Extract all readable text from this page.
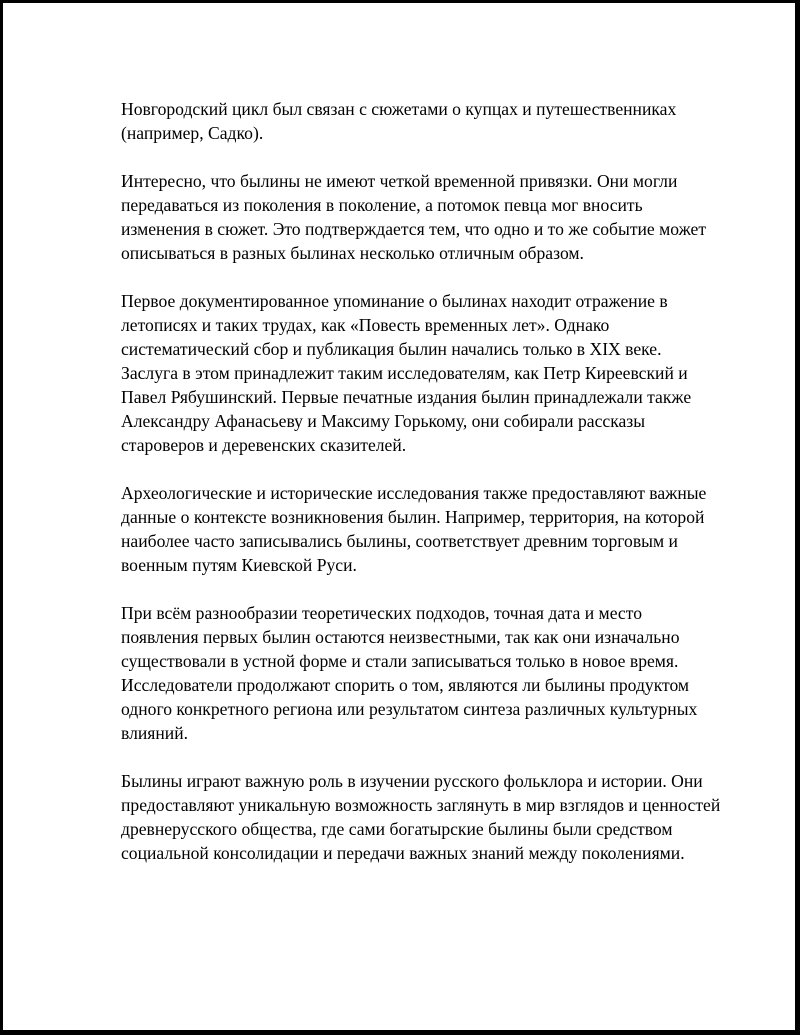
Новгородский цикл был связан с сюжетами о купцах и путешественниках (например, Садко).

Интересно, что былины не имеют четкой временной привязки. Они могли передаваться из поколения в поколение, а потомок певца мог вносить изменения в сюжет. Это подтверждается тем, что одно и то же событие может описываться в разных былинах несколько отличным образом.

Первое документированное упоминание о былинах находит отражение в летописях и таких трудах, как «Повесть временных лет». Однако систематический сбор и публикация былин начались только в XIX веке. Заслуга в этом принадлежит таким исследователям, как Петр Киреевский и Павел Рябушинский. Первые печатные издания былин принадлежали также Александру Афанасьеву и Максиму Горькому, они собирали рассказы староверов и деревенских сказителей.

Археологические и исторические исследования также предоставляют важные данные о контексте возникновения былин. Например, территория, на которой наиболее часто записывались былины, соответствует древним торговым и военным путям Киевской Руси.

При всём разнообразии теоретических подходов, точная дата и место появления первых былин остаются неизвестными, так как они изначально существовали в устной форме и стали записываться только в новое время. Исследователи продолжают спорить о том, являются ли былины продуктом одного конкретного региона или результатом синтеза различных культурных влияний.

Былины играют важную роль в изучении русского фольклора и истории. Они предоставляют уникальную возможность заглянуть в мир взглядов и ценностей древнерусского общества, где сами богатырские былины были средством социальной консолидации и передачи важных знаний между поколениями.
